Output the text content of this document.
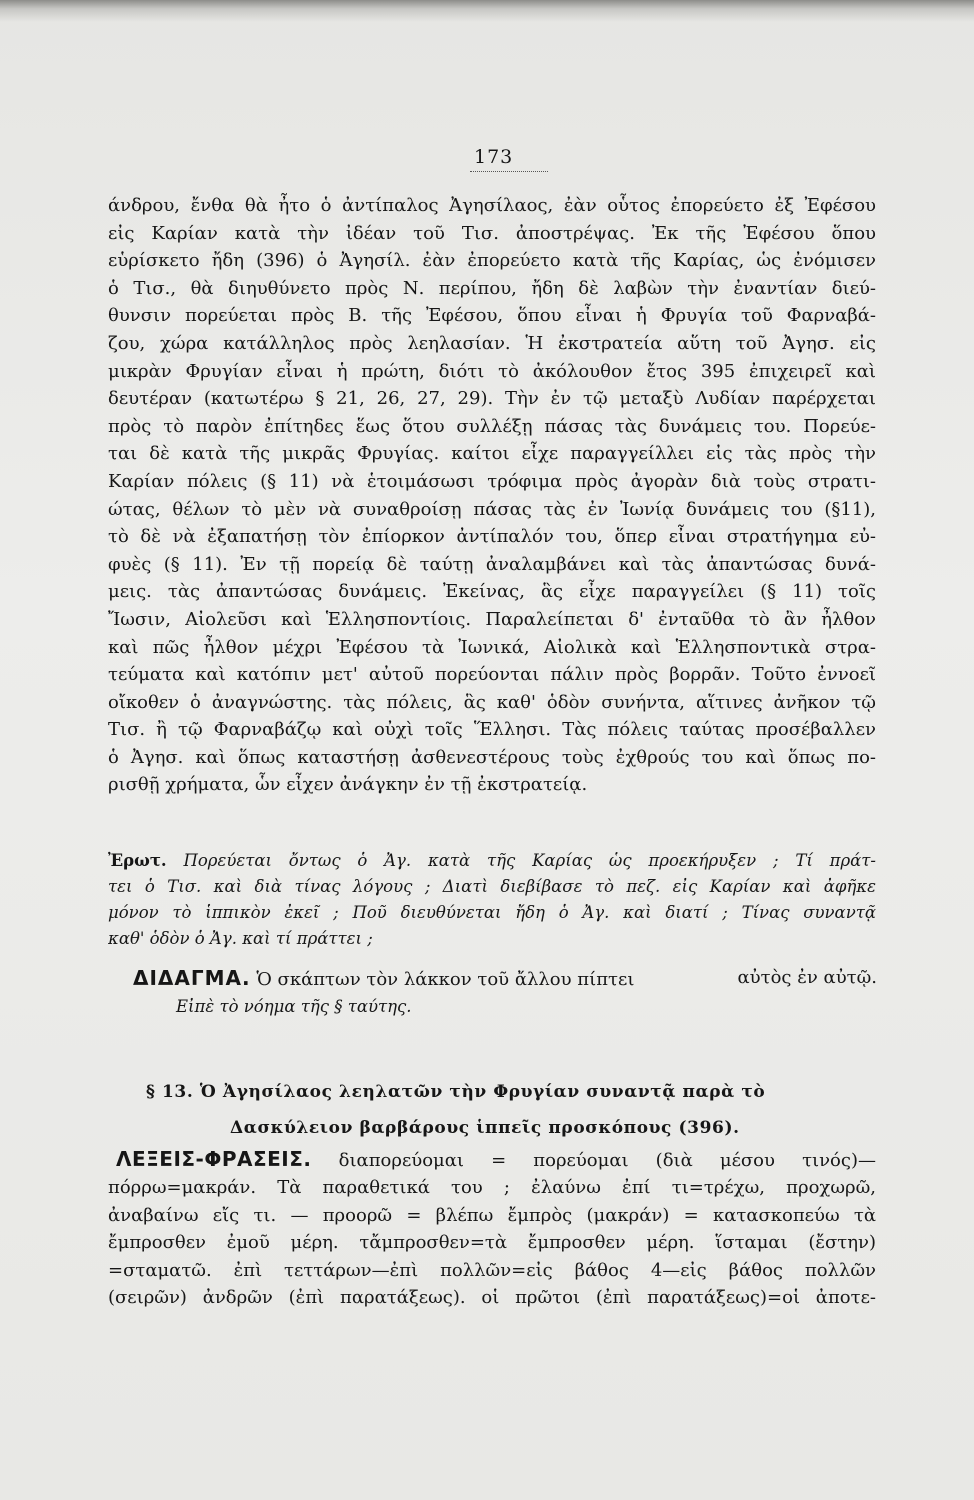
173
άνδρου, ἔνθα θὰ ἦτο ὁ ἀντίπαλος Ἀγησίλαος, ἐὰν οὗτος ἐπορεύετο ἐξ Ἐφέσου
εἰς Καρίαν κατὰ τὴν ἰδέαν τοῦ Τισ. ἀποστρέψας. Ἐκ τῆς Ἐφέσου ὅπου
εὑρίσκετο ἤδη (396) ὁ Ἀγησίλ. ἐὰν ἐπορεύετο κατὰ τῆς Καρίας, ὡς ἐνόμισεν
ὁ Τισ., θὰ διηυθύνετο πρὸς Ν. περίπου, ἤδη δὲ λαβὼν τὴν ἐναντίαν διεύ-
θυνσιν πορεύεται πρὸς Β. τῆς Ἐφέσου, ὅπου εἶναι ἡ Φρυγία τοῦ Φαρναβά-
ζου, χώρα κατάλληλος πρὸς λεηλασίαν. Ἡ ἐκστρατεία αὕτη τοῦ Ἀγησ. εἰς
μικρὰν Φρυγίαν εἶναι ἡ πρώτη, διότι τὸ ἀκόλουθον ἔτος 395 ἐπιχειρεῖ καὶ
δευτέραν (κατωτέρω § 21, 26, 27, 29). Τὴν ἐν τῷ μεταξὺ Λυδίαν παρέρχεται
πρὸς τὸ παρὸν ἐπίτηδες ἕως ὅτου συλλέξῃ πάσας τὰς δυνάμεις του. Πορεύε-
ται δὲ κατὰ τῆς μικρᾶς Φρυγίας. καίτοι εἶχε παραγγείλλει εἰς τὰς πρὸς τὴν
Καρίαν πόλεις (§ 11) νὰ ἑτοιμάσωσι τρόφιμα πρὸς ἀγορὰν διὰ τοὺς στρατι-
ώτας, θέλων τὸ μὲν νὰ συναθροίσῃ πάσας τὰς ἐν Ἰωνίᾳ δυνάμεις του (§11),
τὸ δὲ νὰ ἐξαπατήσῃ τὸν ἐπίορκον ἀντίπαλόν του, ὅπερ εἶναι στρατήγημα εὐ-
φυὲς (§ 11). Ἐν τῇ πορείᾳ δὲ ταύτῃ ἀναλαμβάνει καὶ τὰς ἀπαντώσας δυνά-
μεις. τὰς ἀπαντώσας δυνάμεις. Ἐκείνας, ἃς εἶχε παραγγείλει (§ 11) τοῖς
Ἴωσιν, Αἰολεῦσι καὶ Ἑλλησποντίοις. Παραλείπεται δ' ἐνταῦθα τὸ ἂν ἦλθον
καὶ πῶς ἦλθον μέχρι Ἐφέσου τὰ Ἰωνικά, Αἰολικὰ καὶ Ἑλλησποντικὰ στρα-
τεύματα καὶ κατόπιν μετ' αὐτοῦ πορεύονται πάλιν πρὸς βορρᾶν. Τοῦτο ἐννοεῖ
οἴκοθεν ὁ ἀναγνώστης. τὰς πόλεις, ἃς καθ' ὁδὸν συνήντα, αἵτινες ἀνῆκον τῷ
Τισ. ἢ τῷ Φαρναβάζῳ καὶ οὐχὶ τοῖς Ἕλλησι. Τὰς πόλεις ταύτας προσέβαλλεν
ὁ Ἀγησ. καὶ ὅπως καταστήσῃ ἀσθενεστέρους τοὺς ἐχθρούς του καὶ ὅπως πο-
ρισθῇ χρήματα, ὧν εἶχεν ἀνάγκην ἐν τῇ ἐκστρατείᾳ.
Ἐρωτ. Πορεύεται ὄντως ὁ Ἀγ. κατὰ τῆς Καρίας ὡς προεκήρυξεν ; Τί πράτ-
τει ὁ Τισ. καὶ διὰ τίνας λόγους ; Διατὶ διεβίβασε τὸ πεζ. εἰς Καρίαν καὶ ἀφῆκε
μόνον τὸ ἱππικὸν ἐκεῖ ; Ποῦ διευθύνεται ἤδη ὁ Ἀγ. καὶ διατί ; Τίνας συναντᾷ
καθ' ὁδὸν ὁ Ἀγ. καὶ τί πράττει ;
ΔΙΔΑΓΜΑ. Ὁ σκάπτων τὸν λάκκον τοῦ ἄλλου πίπτει	αὐτὸς ἐν αὐτῷ.
Εἰπὲ τὸ νόημα τῆς § ταύτης.
§ 13. Ὁ Ἀγησίλαος λεηλατῶν τὴν Φρυγίαν συναντᾷ παρὰ τὸ
Δασκύλειον βαρβάρους ἱππεῖς προσκόπους (396).
ΛΕΞΕΙΣ-ΦΡΑΣΕΙΣ. διαπορεύομαι = πορεύομαι (διὰ μέσου τινός)—
πόρρω=μακράν. Τὰ παραθετικά του ; ἐλαύνω ἐπί τι=τρέχω, προχωρῶ,
ἀναβαίνω εἴς τι. — προορῶ = βλέπω ἔμπρὸς (μακράν) = κατασκοπεύω τὰ
ἔμπροσθεν ἐμοῦ μέρη. τἄμπροσθεν=τὰ ἔμπροσθεν μέρη. ἵσταμαι (ἔστην)
=σταματῶ. ἐπὶ τεττάρων—ἐπὶ πολλῶν=εἰς βάθος 4—εἰς βάθος πολλῶν
(σειρῶν) ἀνδρῶν (ἐπὶ παρατάξεως). οἱ πρῶτοι (ἐπὶ παρατάξεως)=οἱ ἀποτε-
